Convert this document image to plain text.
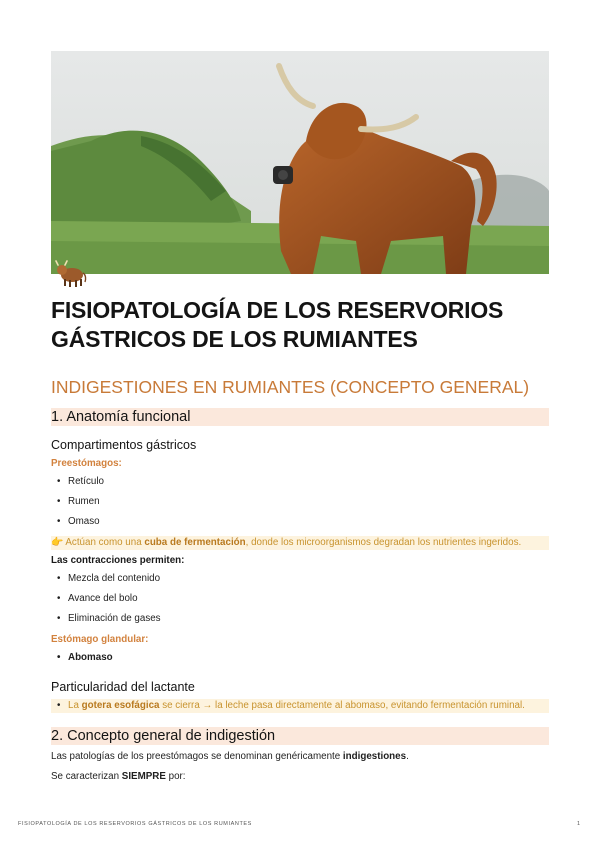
FISIOPATOLOGÍA DE LOS RESERVORIOS GÁSTRICOS DE LOS RUMIANTES
INDIGESTIONES EN RUMIANTES (CONCEPTO GENERAL)
1. Anatomía funcional
Compartimentos gástricos
Preestómagos:
• Retículo
• Rumen
• Omaso
👉 Actúan como una cuba de fermentación, donde los microorganismos degradan los nutrientes ingeridos.
Las contracciones permiten:
• Mezcla del contenido
• Avance del bolo
• Eliminación de gases
Estómago glandular:
• Abomaso
Particularidad del lactante
• La gotera esofágica se cierra → la leche pasa directamente al abomaso, evitando fermentación ruminal.
2. Concepto general de indigestión

Las patologías de los preestómagos se denominan genéricamente indigestiones.

Se caracterizan SIEMPRE por:

FISIOPATOLOGÍA DE LOS RESERVORIOS GÁSTRICOS DE LOS RUMIANTES	1
